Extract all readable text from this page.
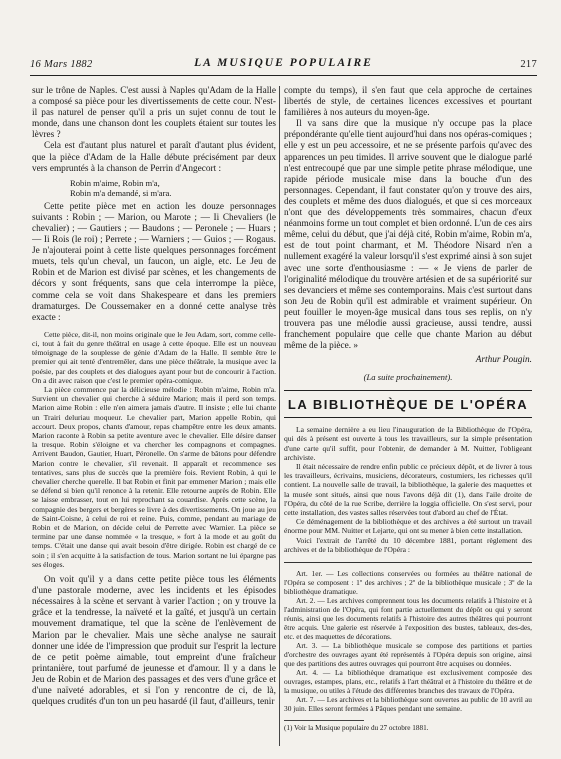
16 Mars 1882	LA MUSIQUE POPULAIRE	217

sur le trône de Naples. C'est aussi à Naples qu'Adam de la Halle a composé sa pièce pour les divertissements de cette cour. N'est-il pas naturel de penser qu'il a pris un sujet connu de tout le monde, dans une chanson dont les couplets étaient sur toutes les lèvres ?

Cela est d'autant plus naturel et paraît d'autant plus évident, que la pièce d'Adam de la Halle débute précisément par deux vers empruntés à la chanson de Perrin d'Angecort :

Robin m'aime, Robin m'a,
Robin m'a demandé, si m'ara.

Cette petite pièce met en action les douze personnages suivants : Robin ; — Marion, ou Marote ; — Ii Chevaliers (le chevalier) ; — Gautiers ; — Baudons ; — Peronele ; — Huars ; — Ii Rois (le roi) ; Perrete ; — Warniers ; — Guios ; — Rogaus. Je n'ajouterai point à cette liste quelques personnages forcément muets, tels qu'un cheval, un faucon, un aigle, etc. Le Jeu de Robin et de Marion est divisé par scènes, et les changements de décors y sont fréquents, sans que cela interrompe la pièce, comme cela se voit dans Shakespeare et dans les premiers dramaturges. De Coussemaker en a donné cette analyse très exacte :

Cette pièce, dit-il, non moins originale que le Jeu Adam, sort, comme celle-ci, tout à fait du genre théâtral en usage à cette époque. Elle est un nouveau témoignage de la souplesse de génie d'Adam de la Halle. Il semble être le premier qui ait tenté d'entremêler, dans une pièce théâtrale, la musique avec la poésie, par des couplets et des dialogues ayant pour but de concourir à l'action. On a dit avec raison que c'est le premier opéra-comique.

La pièce commence par la délicieuse mélodie : Robin m'aime, Robin m'a. Survient un chevalier qui cherche à séduire Marion; mais il perd son temps. Marion aime Robin : elle n'en aimera jamais d'autre. Il insiste ; elle lui chante un Trairi deluriau moqueur. Le chevalier part, Marion appelle Robin, qui accourt. Deux propos, chants d'amour, repas champêtre entre les deux amants. Marion raconte à Robin sa petite aventure avec le chevalier. Elle désire danser la tresque. Robin s'éloigne et va chercher les compagnons et compagnes. Arrivent Baudon, Gautier, Huart, Péronelle. On s'arme de bâtons pour défendre Marion contre le chevalier, s'il revenait. Il apparaît et recommence ses tentatives, sans plus de succès que la première fois. Revient Robin, à qui le chevalier cherche querelle. Il bat Robin et finit par emmener Marion ; mais elle se défend si bien qu'il renonce à la retenir. Elle retourne auprès de Robin. Elle se laisse embrasser, tout en lui reprochant sa couardise. Après cette scène, la compagnie des bergers et bergères se livre à des divertissements. On joue au jeu de Saint-Coisne, à celui de roi et reine. Puis, comme, pendant au mariage de Robin et de Marion, on décide celui de Perrette avec Warnier. La pièce se termine par une danse nommée « la tresque, » fort à la mode et au goût du temps. C'était une danse qui avait besoin d'être dirigée. Robin est chargé de ce soin ; il s'en acquitte à la satisfaction de tous. Marion sortant ne lui épargne pas ses éloges.

On voit qu'il y a dans cette petite pièce tous les éléments d'une pastorale moderne, avec les incidents et les épisodes nécessaires à la scène et servant à varier l'action ; on y trouve la grâce et la tendresse, la naïveté et la gaîté, et jusqu'à un certain mouvement dramatique, tel que la scène de l'enlèvement de Marion par le chevalier. Mais une sèche analyse ne saurait donner une idée de l'impression que produit sur l'esprit la lecture de ce petit poème aimable, tout empreint d'une fraîcheur printanière, tout parfumé de jeunesse et d'amour. Il y a dans le Jeu de Robin et de Marion des passages et des vers d'une grâce et d'une naïveté adorables, et si l'on y rencontre de ci, de là, quelques crudités d'un ton un peu hasardé (il faut, d'ailleurs, tenir

compte du temps), il s'en faut que cela approche de certaines libertés de style, de certaines licences excessives et pourtant familières à nos auteurs du moyen-âge.

Il va sans dire que la musique n'y occupe pas la place prépondérante qu'elle tient aujourd'hui dans nos opéras-comiques ; elle y est un peu accessoire, et ne se présente parfois qu'avec des apparences un peu timides. Il arrive souvent que le dialogue parlé n'est entrecoupé que par une simple petite phrase mélodique, une rapide période musicale mise dans la bouche d'un des personnages. Cependant, il faut constater qu'on y trouve des airs, des couplets et même des duos dialogués, et que si ces morceaux n'ont que des développements très sommaires, chacun d'eux néanmoins forme un tout complet et bien ordonné. L'un de ces airs même, celui du début, que j'ai déjà cité, Robin m'aime, Robin m'a, est de tout point charmant, et M. Théodore Nisard n'en a nullement exagéré la valeur lorsqu'il s'est exprimé ainsi à son sujet avec une sorte d'enthousiasme : — « Je viens de parler de l'originalité mélodique du trouvère artésien et de sa supériorité sur ses devanciers et même ses contemporains. Mais c'est surtout dans son Jeu de Robin qu'il est admirable et vraiment supérieur. On peut fouiller le moyen-âge musical dans tous ses replis, on n'y trouvera pas une mélodie aussi gracieuse, aussi tendre, aussi franchement populaire que celle que chante Marion au début même de la pièce. »

Arthur Pougin.
(La suite prochainement).
LA BIBLIOTHÈQUE DE L'OPÉRA

La semaine dernière a eu lieu l'inauguration de la Bibliothèque de l'Opéra, qui dès à présent est ouverte à tous les travailleurs, sur la simple présentation d'une carte qu'il suffit, pour l'obtenir, de demander à M. Nuitter, l'obligeant archiviste.

Il était nécessaire de rendre enfin public ce précieux dépôt, et de livrer à tous les travailleurs, écrivains, musiciens, décorateurs, costumiers, les richesses qu'il contient. La nouvelle salle de travail, la bibliothèque, la galerie des maquettes et la musée sont situés, ainsi que nous l'avons déjà dit (1), dans l'aile droite de l'Opéra, du côté de la rue Scribe, derrière la loggia officielle. On s'est servi, pour cette installation, des vastes salles réservées tout d'abord au chef de l'État.

Ce déménagement de la bibliothèque et des archives a été surtout un travail énorme pour MM. Nuitter et Lejarte, qui ont su mener à bien cette installation.

Voici l'extrait de l'arrêté du 10 décembre 1881, portant règlement des archives et de la bibliothèque de l'Opéra :

Art. 1er. — Les collections conservées ou formées au théâtre national de l'Opéra se composent : 1º des archives ; 2º de la bibliothèque musicale ; 3º de la bibliothèque dramatique.

Art. 2. — Les archives comprennent tous les documents relatifs à l'histoire et à l'administration de l'Opéra, qui font partie actuellement du dépôt ou qui y seront réunis, ainsi que les documents relatifs à l'histoire des autres théâtres qui pourront être acquis. Une galerie est réservée à l'exposition des bustes, tableaux, des-des, etc. et des maquettes de décorations.

Art. 3. — La bibliothèque musicale se compose des partitions et parties d'orchestre des ouvrages ayant été représentés à l'Opéra depuis son origine, ainsi que des partitions des autres ouvrages qui pourront être acquises ou données.

Art. 4. — La bibliothèque dramatique est exclusivement composée des ouvrages, estampes, plans, etc., relatifs à l'art théâtral et à l'histoire du théâtre et de la musique, ou utiles à l'étude des différentes branches des travaux de l'Opéra.

Art. 7. — Les archives et la bibliothèque sont ouvertes au public de 10 avril au 30 juin. Elles seront fermées à Pâques pendant une semaine.

(1) Voir la Musique populaire du 27 octobre 1881.
